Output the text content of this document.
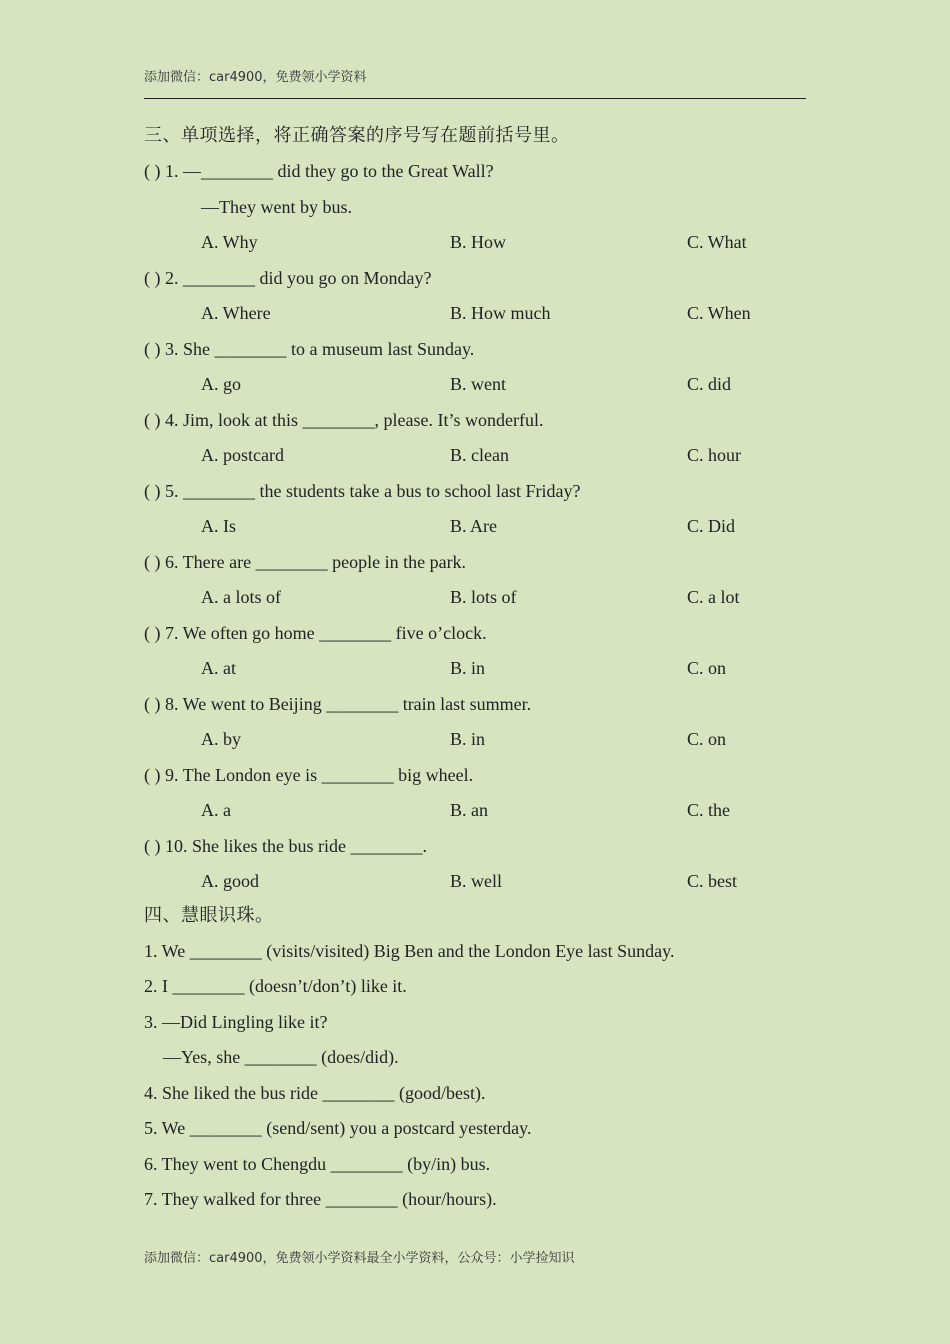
添加微信：car4900，免费领小学资料
三、单项选择，将正确答案的序号写在题前括号里。
( ) 1. —________ did they go to the Great Wall?
—They went by bus.
A. Why	B. How	C. What
( ) 2. ________ did you go on Monday?
A. Where	B. How much	C. When
( ) 3. She ________ to a museum last Sunday.
A. go	B. went	C. did
( ) 4. Jim, look at this ________, please. It’s wonderful.
A. postcard	B. clean	C. hour
( ) 5. ________ the students take a bus to school last Friday?
A. Is	B. Are	C. Did
( ) 6. There are ________ people in the park.
A. a lots of	B. lots of	C. a lot
( ) 7. We often go home ________ five o’clock.
A. at	B. in	C. on
( ) 8. We went to Beijing ________ train last summer.
A. by	B. in	C. on
( ) 9. The London eye is ________ big wheel.
A. a	B. an	C. the
( ) 10. She likes the bus ride ________.
A. good	B. well	C. best
四、慧眼识珠。
1. We ________ (visits/visited) Big Ben and the London Eye last Sunday.
2. I ________ (doesn’t/don’t) like it.
3. —Did Lingling like it?
—Yes, she ________ (does/did).
4. She liked the bus ride ________ (good/best).
5. We ________ (send/sent) you a postcard yesterday.
6. They went to Chengdu ________ (by/in) bus.
7. They walked for three ________ (hour/hours).
添加微信：car4900，免费领小学资料最全小学资料，公众号：小学捡知识
